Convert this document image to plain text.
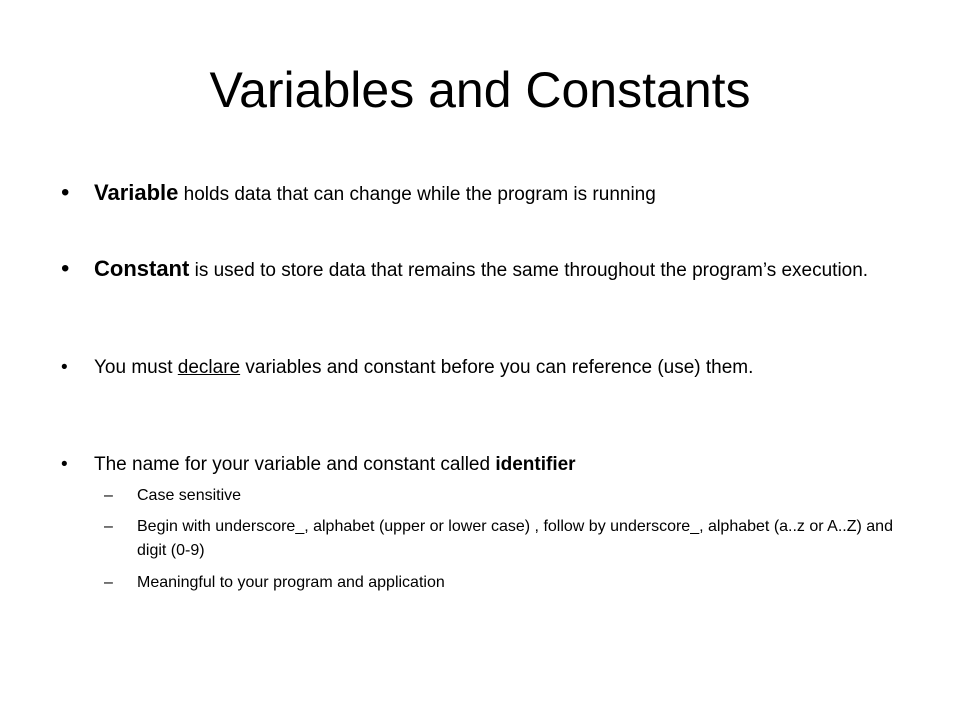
Variables and Constants
• Variable holds data that can change while the program is running
• Constant is used to store data that remains the same throughout the program’s execution.
• You must declare variables and constant before you can reference (use) them.
• The name for your variable and constant called identifier
– Case sensitive
– Begin with underscore_, alphabet (upper or lower case) , follow by underscore_, alphabet (a..z or A..Z) and digit (0-9)
– Meaningful to your program and application
